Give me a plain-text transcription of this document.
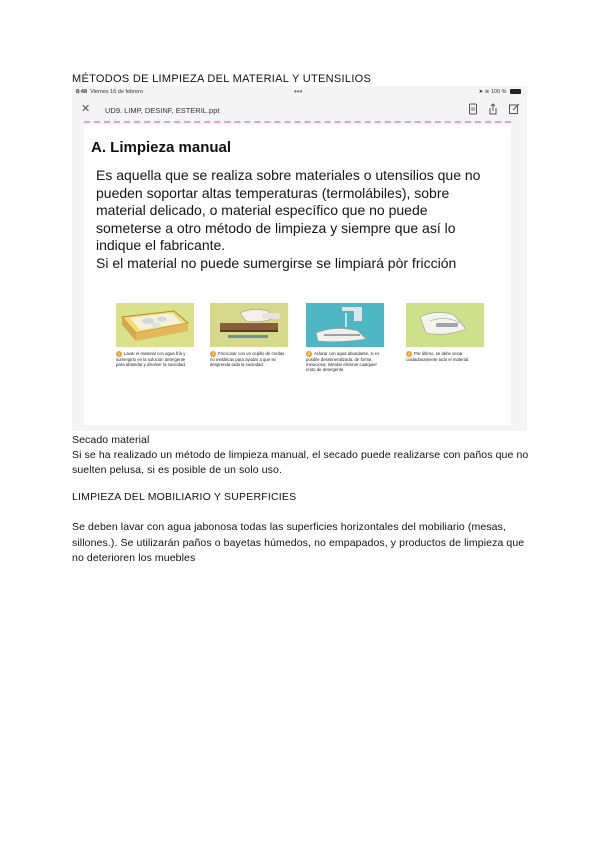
MÉTODOS DE LIMPIEZA DEL MATERIAL Y UTENSILIOS
8:48 Viernes 16 de febrero	•••	➤ ≋ 100 %
✕ UD9. LIMP, DESINF, ESTERIL.ppt
A. Limpieza manual
Es aquella que se realiza sobre materiales o utensilios que no
pueden soportar altas temperaturas (termolábiles), sobre
material delicado, o material específico que no puede
someterse a otro método de limpieza y siempre que así lo
indique el fabricante.
Si el material no puede sumergirse se limpiará pòr fricción
1 Lavar el material con agua fría y sumergirlo en la solución detergente para ablandar y disolver la suciedad.
2 Friccionar con un cepillo de cerdas no metálicas para ayudar a que se desprenda toda la suciedad.
3 Aclarar con agua abundante, si es posible desmineralizada, de forma minuciosa; intentar eliminar cualquier resto de detergente.
4 Por último, se debe secar cuidadosamente todo el material.
Secado material
Si se ha realizado un método de limpieza manual, el secado puede realizarse con paños que no suelten pelusa, si es posible de un solo uso.
LIMPIEZA DEL MOBILIARIO Y SUPERFICIES
Se deben lavar con agua jabonosa todas las superficies horizontales del mobiliario (mesas, sillones.). Se utilizarán paños o bayetas húmedos, no empapados, y productos de limpieza que no deterioren los muebles
